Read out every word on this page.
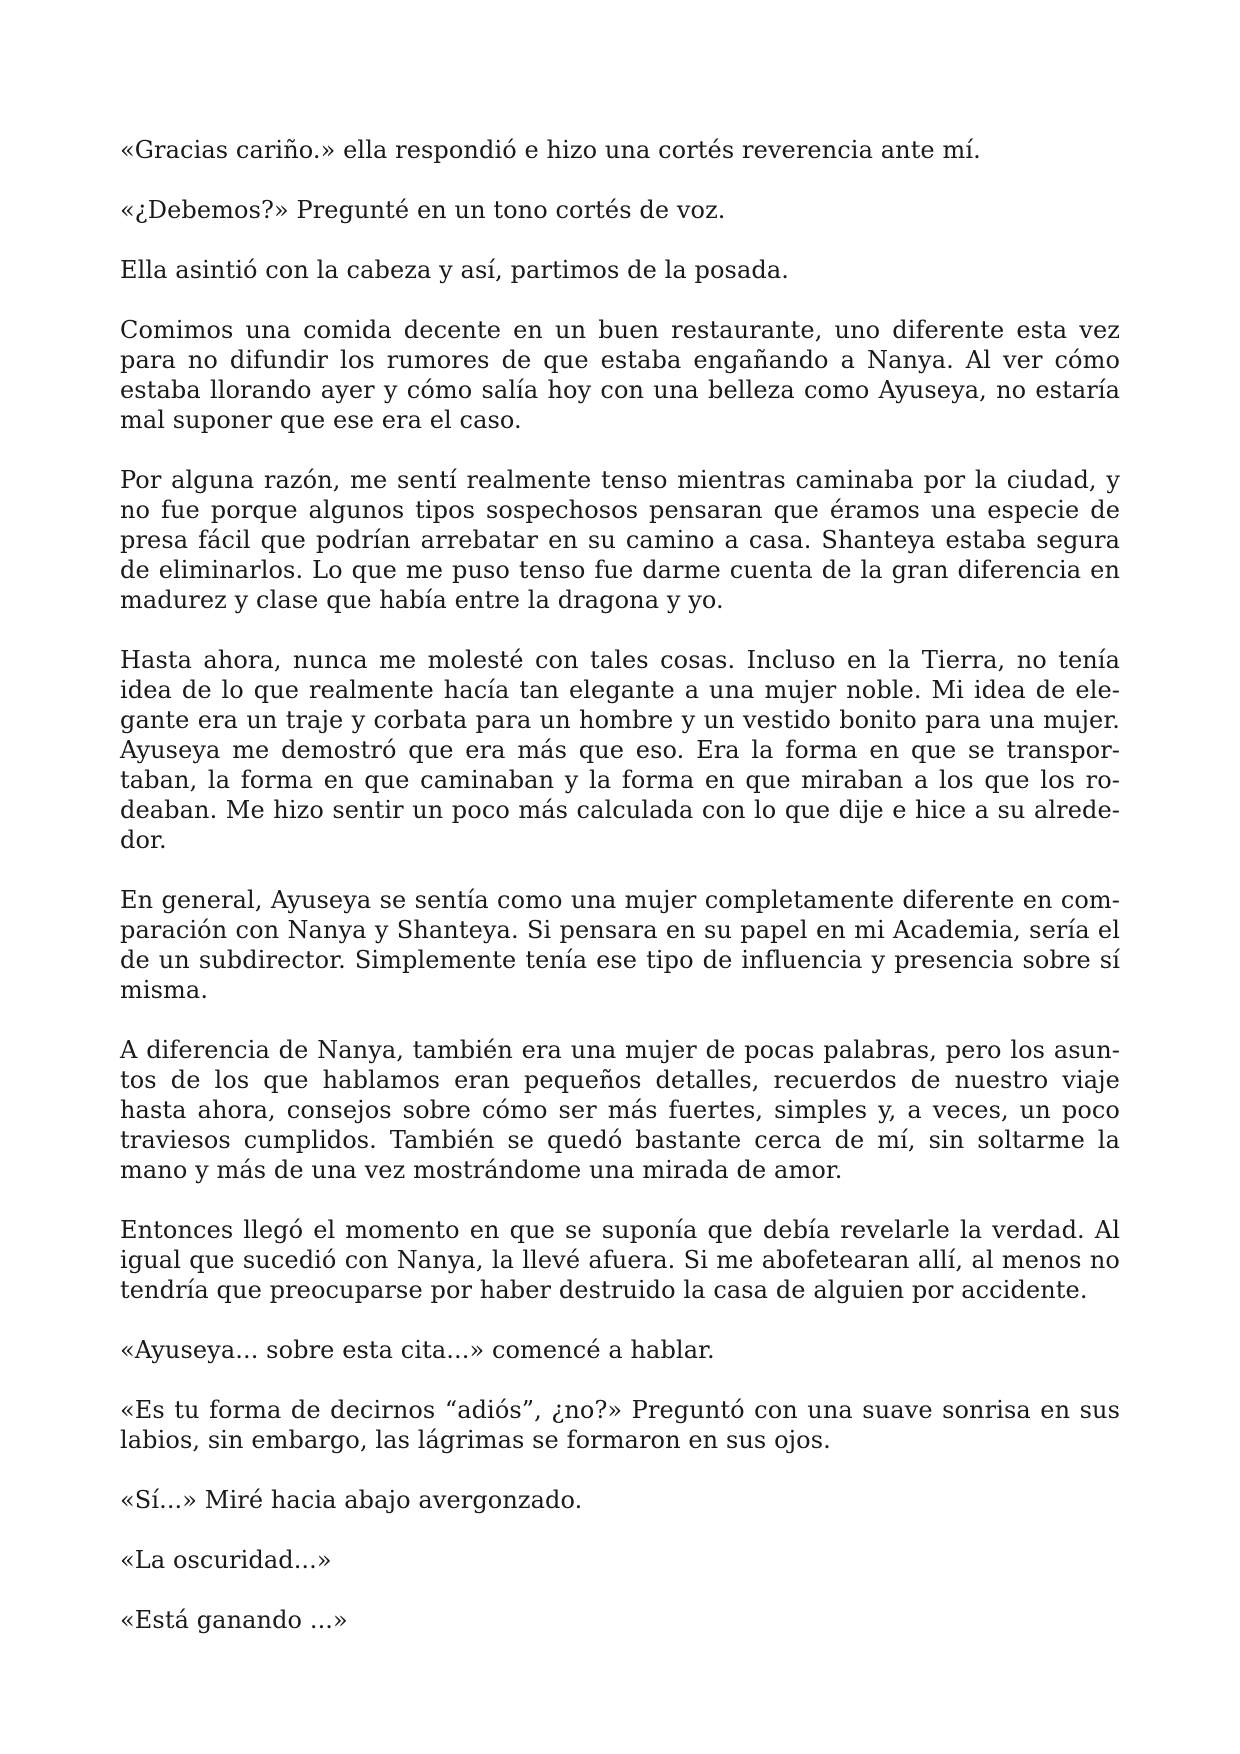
«Gracias cariño.» ella respondió e hizo una cortés reverencia ante mí.

«¿Debemos?» Pregunté en un tono cortés de voz.

Ella asintió con la cabeza y así, partimos de la posada.

Comimos una comida decente en un buen restaurante, uno diferente esta vez para no difundir los rumores de que estaba engañando a Nanya. Al ver cómo estaba llorando ayer y cómo salía hoy con una belleza como Ayuseya, no estaría mal suponer que ese era el caso.

Por alguna razón, me sentí realmente tenso mientras caminaba por la ciudad, y no fue porque algunos tipos sospechosos pensaran que éramos una especie de presa fácil que podrían arrebatar en su camino a casa. Shanteya estaba segura de eliminarlos. Lo que me puso tenso fue darme cuenta de la gran diferencia en madurez y clase que había entre la dragona y yo.

Hasta ahora, nunca me molesté con tales cosas. Incluso en la Tierra, no tenía idea de lo que realmente hacía tan elegante a una mujer noble. Mi idea de ele-gante era un traje y corbata para un hombre y un vestido bonito para una mujer. Ayuseya me demostró que era más que eso. Era la forma en que se transpor-taban, la forma en que caminaban y la forma en que miraban a los que los ro-deaban. Me hizo sentir un poco más calculada con lo que dije e hice a su alrede-dor.

En general, Ayuseya se sentía como una mujer completamente diferente en com-paración con Nanya y Shanteya. Si pensara en su papel en mi Academia, sería el de un subdirector. Simplemente tenía ese tipo de influencia y presencia sobre sí misma.

A diferencia de Nanya, también era una mujer de pocas palabras, pero los asun-tos de los que hablamos eran pequeños detalles, recuerdos de nuestro viaje hasta ahora, consejos sobre cómo ser más fuertes, simples y, a veces, un poco traviesos cumplidos. También se quedó bastante cerca de mí, sin soltarme la mano y más de una vez mostrándome una mirada de amor.

Entonces llegó el momento en que se suponía que debía revelarle la verdad. Al igual que sucedió con Nanya, la llevé afuera. Si me abofetearan allí, al menos no tendría que preocuparse por haber destruido la casa de alguien por accidente.

«Ayuseya... sobre esta cita...» comencé a hablar.

«Es tu forma de decirnos “adiós”, ¿no?» Preguntó con una suave sonrisa en sus labios, sin embargo, las lágrimas se formaron en sus ojos.

«Sí...» Miré hacia abajo avergonzado.

«La oscuridad...»

«Está ganando ...»
